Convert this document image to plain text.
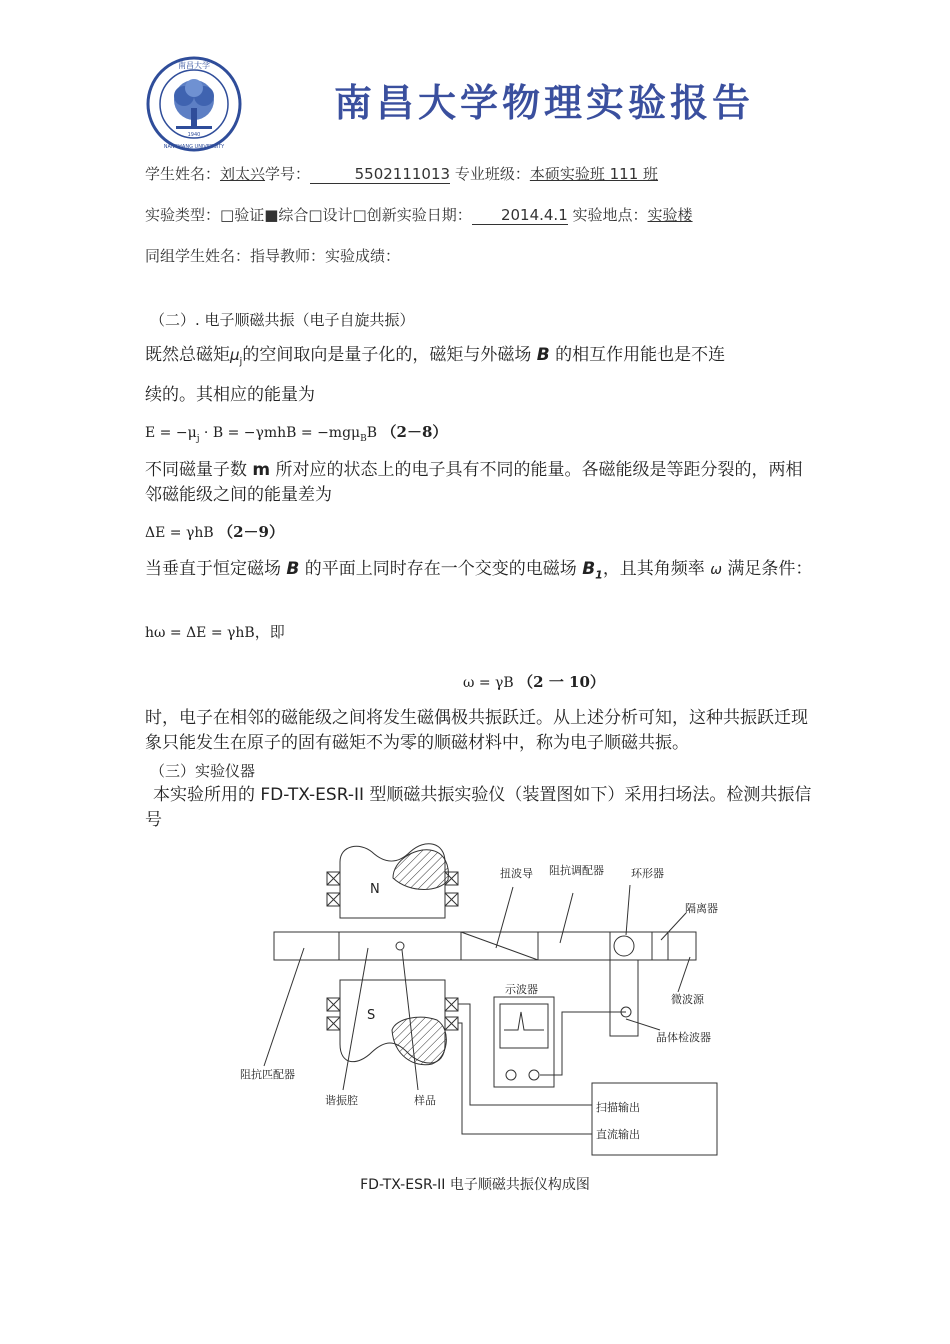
南昌大学
1940
NANCHANG UNIVERSITY
南昌大学物理实验报告
学生姓名：刘太兴学号：	5502111013 专业班级：本硕实验班 111 班
实验类型：□验证■综合□设计□创新实验日期： 2014.4.1 实验地点：实验楼
同组学生姓名：指导教师：实验成绩：
（二）. 电子顺磁共振（电子自旋共振）
既然总磁矩$\mu_j$的空间取向是量子化的，磁矩与外磁场 B 的相互作用能也是不连
续的。其相应的能量为
$E = -\mu_j \cdot B = -\gamma mhB = -mg\mu_BB$ （2－8）
不同磁量子数 m 所对应的状态上的电子具有不同的能量。各磁能级是等距分裂的，两相邻磁能级之间的能量差为
ΔE = γhB （2－9）
当垂直于恒定磁场 B 的平面上同时存在一个交变的电磁场 $B_1$，且其角频率 ω 满足条件：
hω = ΔE = γhB，即
ω = γB （2 一 10）
时，电子在相邻的磁能级之间将发生磁偶极共振跃迁。从上述分析可知，这种共振跃迁现象只能发生在原子的固有磁矩不为零的顺磁材料中，称为电子顺磁共振。
（三）实验仪器
本实验所用的 FD-TX-ESR-II 型顺磁共振实验仪（装置图如下）采用扫场法。检测共振信号
N
S
扭波导 阻抗调配器 环形器
隔离器
微波源
示波器
晶体检波器
阻抗匹配器
谐振腔	样品
扫描输出
直流输出
FD-TX-ESR-II 电子顺磁共振仪构成图
